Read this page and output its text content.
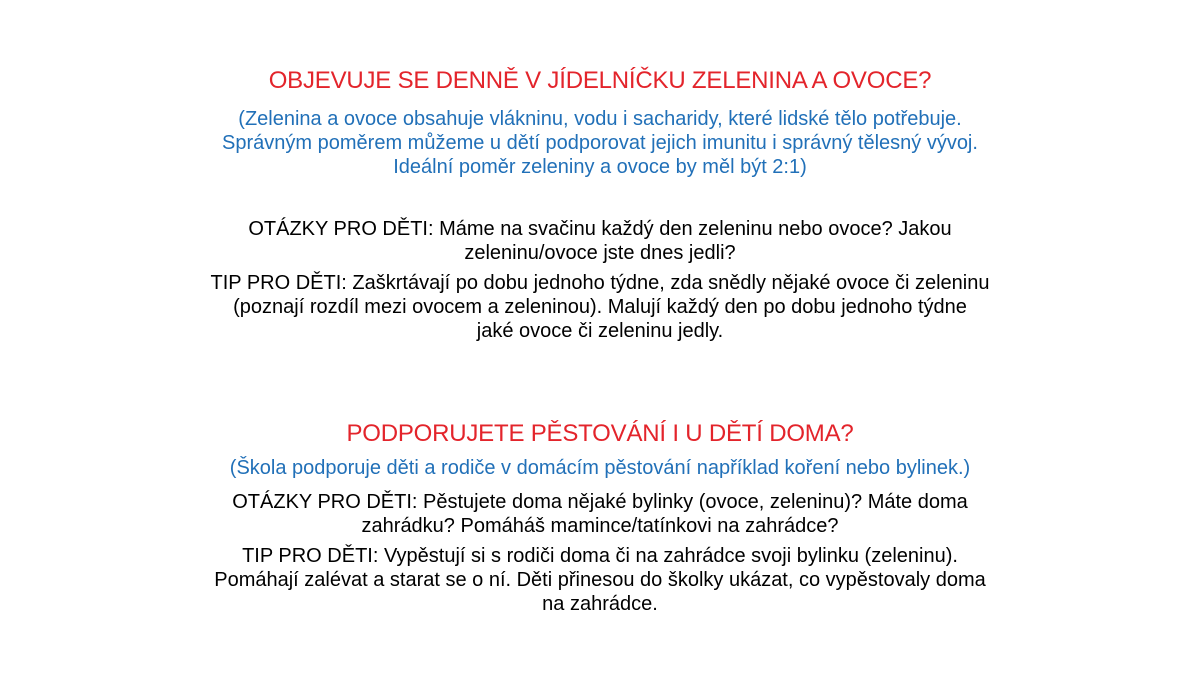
OBJEVUJE SE DENNĚ V JÍDELNÍČKU ZELENINA A OVOCE?
(Zelenina a ovoce obsahuje vlákninu, vodu i sacharidy, které lidské tělo potřebuje.
Správným poměrem můžeme u dětí podporovat jejich imunitu i správný tělesný vývoj.
Ideální poměr zeleniny a ovoce by měl být 2:1)
OTÁZKY PRO DĚTI: Máme na svačinu každý den zeleninu nebo ovoce? Jakou
zeleninu/ovoce jste dnes jedli?
TIP PRO DĚTI: Zaškrtávají po dobu jednoho týdne, zda snědly nějaké ovoce či zeleninu
(poznají rozdíl mezi ovocem a zeleninou). Malují každý den po dobu jednoho týdne
jaké ovoce či zeleninu jedly.
PODPORUJETE PĚSTOVÁNÍ I U DĚTÍ DOMA?
(Škola podporuje děti a rodiče v domácím pěstování například koření nebo bylinek.)
OTÁZKY PRO DĚTI: Pěstujete doma nějaké bylinky (ovoce, zeleninu)? Máte doma
zahrádku? Pomáháš mamince/tatínkovi na zahrádce?
TIP PRO DĚTI: Vypěstují si s rodiči doma či na zahrádce svoji bylinku (zeleninu).
Pomáhají zalévat a starat se o ní. Děti přinesou do školky ukázat, co vypěstovaly doma
na zahrádce.
